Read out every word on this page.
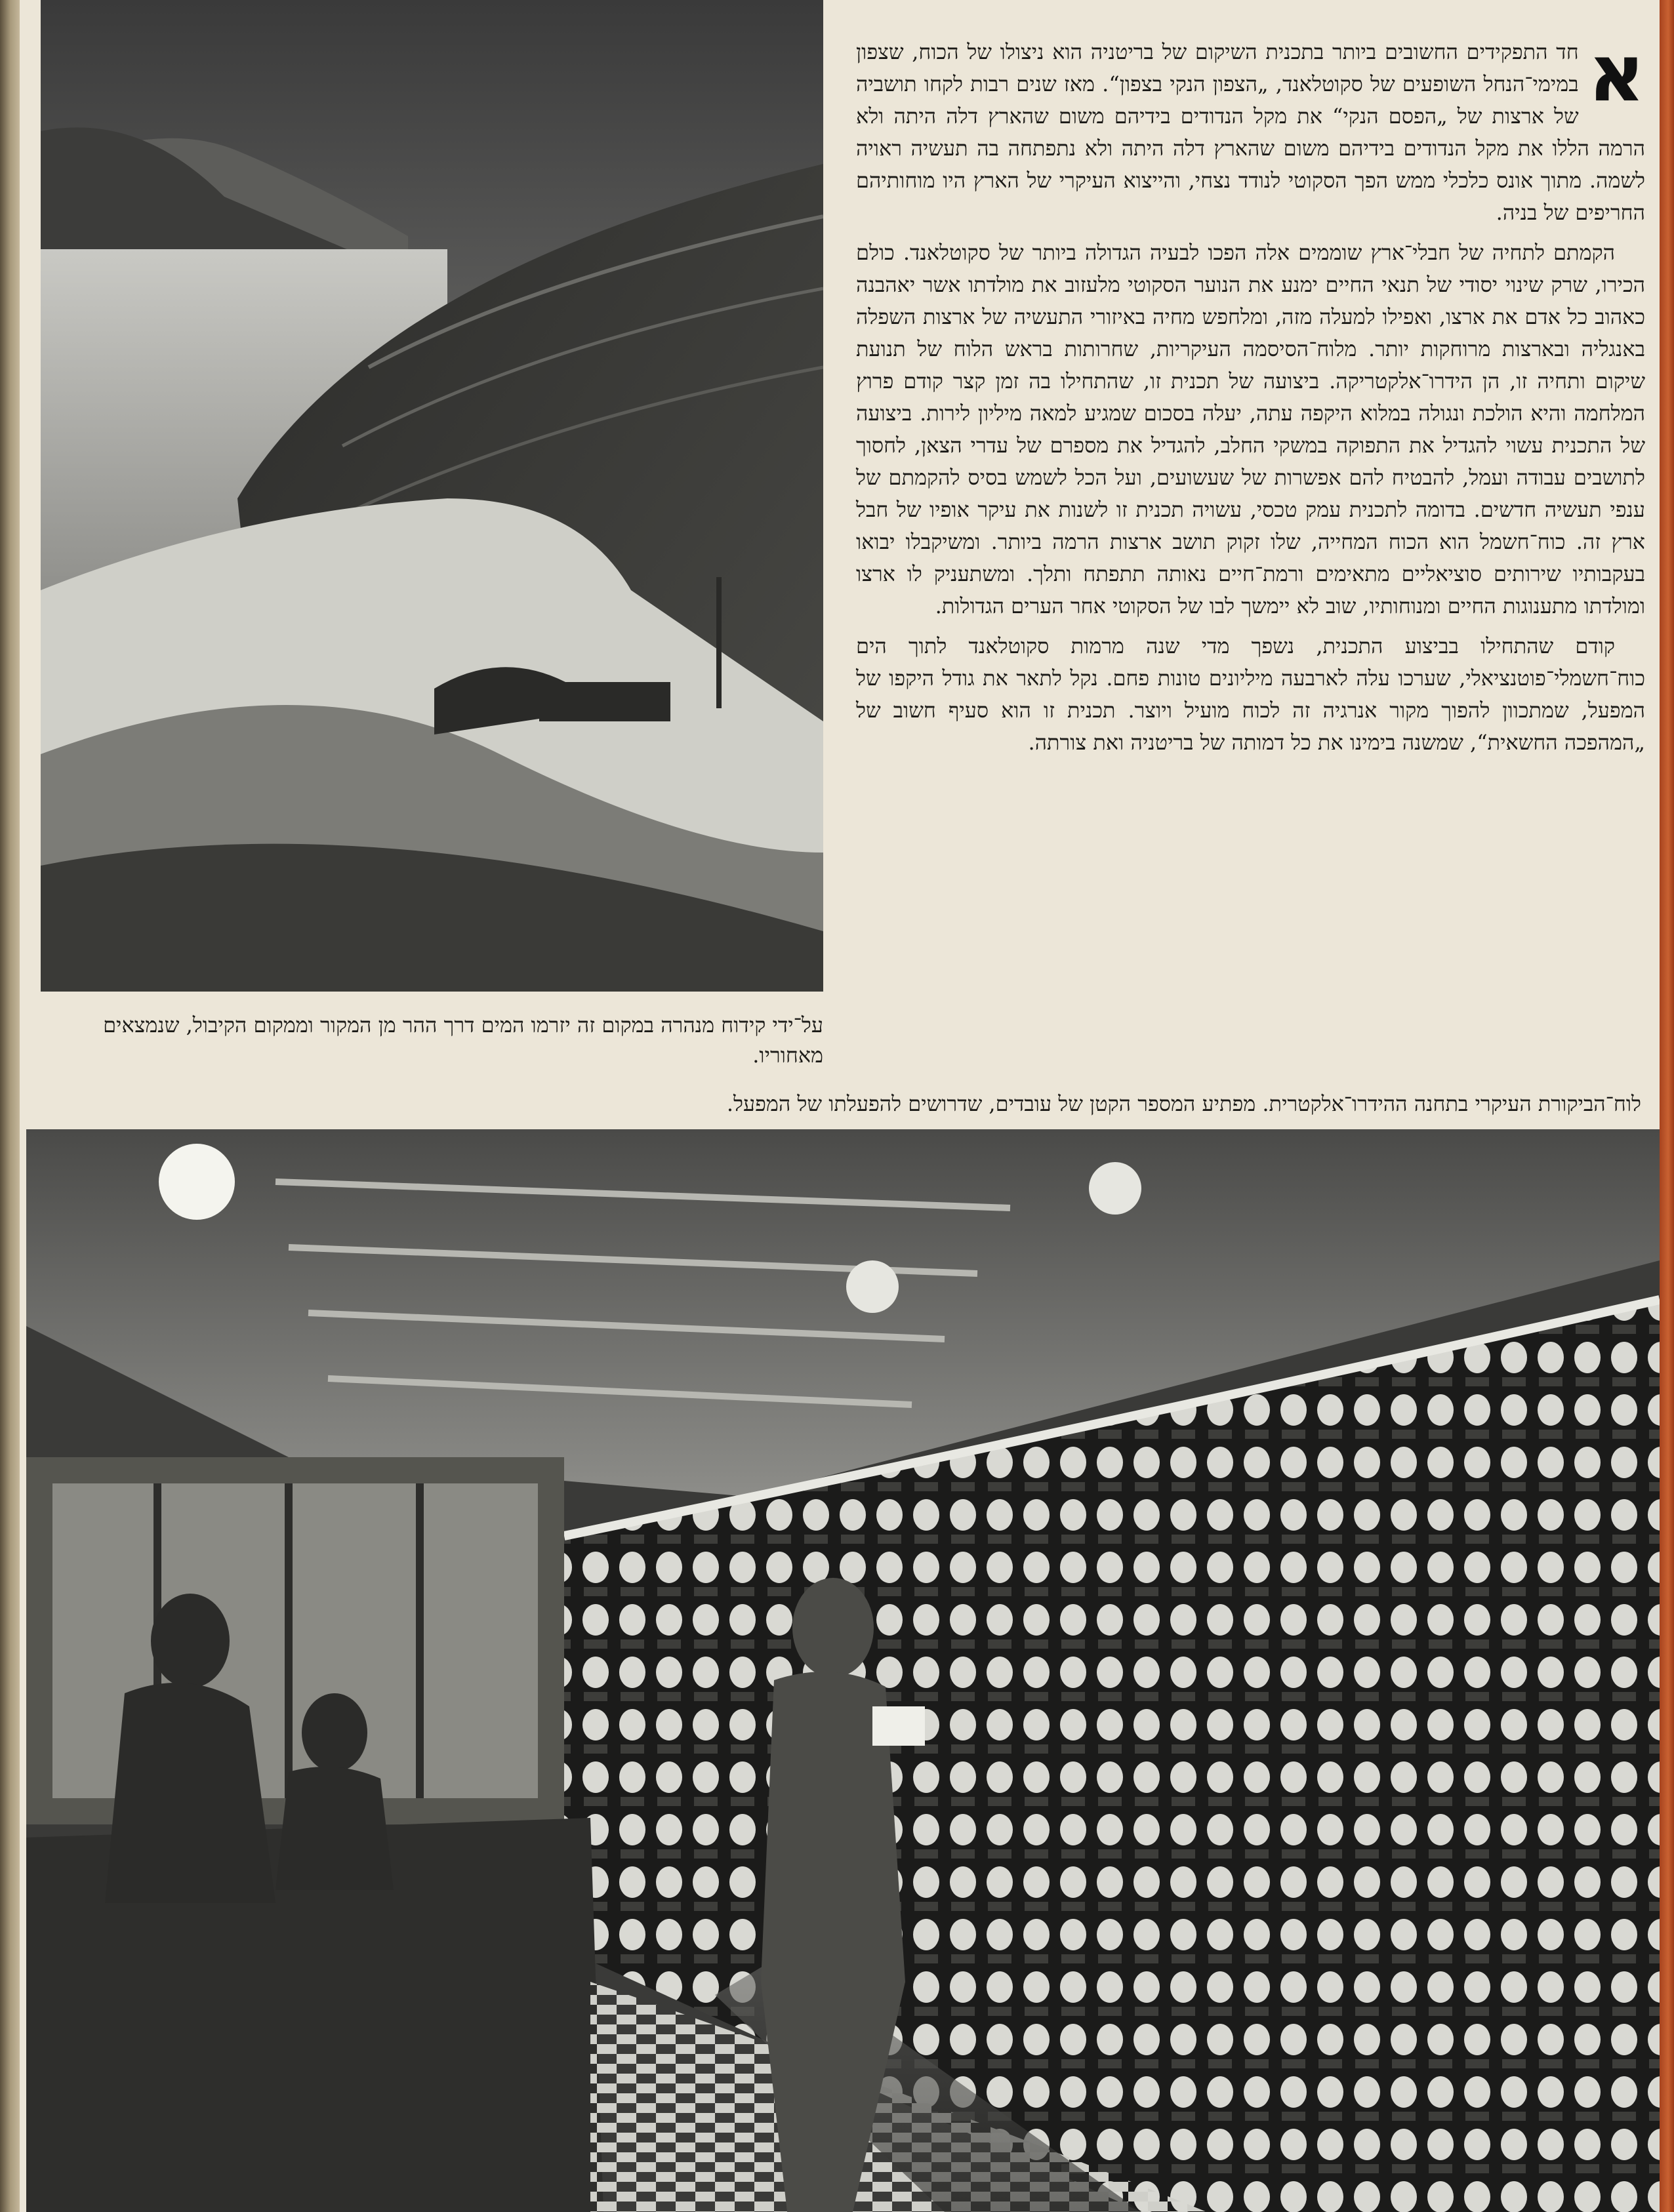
א
חד התפקידים החשובים ביותר בתכנית השיקום של בריטניה הוא ניצולו של הכוח, שצפון במימי־הנחל השופעים של סקוטלאנד, „הצפון הנקי בצפון“. מאז שנים רבות לקחו תושביה של ארצות של „הפסם הנקי“ את מקל הנדודים בידיהם משום שהארץ דלה היתה ולא הרמה הללו את מקל הנדודים בידיהם משום שהארץ דלה היתה ולא נתפתחה בה תעשיה ראויה לשמה. מתוך אונס כלכלי ממש הפך הסקוטי לנודד נצחי, והייצוא העיקרי של הארץ היו מוחותיהם החריפים של בניה.

הקמתם לתחיה של חבלי־ארץ שוממים אלה הפכו לבעיה הגדולה ביותר של סקוטלאנד. כולם הכירו, שרק שינוי יסודי של תנאי החיים ימנע את הנוער הסקוטי מלעזוב את מולדתו אשר יאהבנה כאהוב כל אדם את ארצו, ואפילו למעלה מזה, ומלחפש מחיה באיזורי התעשיה של ארצות השפלה באנגליה ובארצות מרוחקות יותר. מלוח־הסיסמה העיקריות, שחרותות בראש הלוח של תנועת שיקום ותחיה זו, הן הידרו־אלקטריקה. ביצועה של תכנית זו, שהתחילו בה זמן קצר קודם פרוץ המלחמה והיא הולכת ונגולה במלוא היקפה עתה, יעלה בסכום שמגיע למאה מיליון לירות. ביצועה של התכנית עשוי להגדיל את התפוקה במשקי החלב, להגדיל את מספרם של עדרי הצאן, לחסוך לתושבים עבודה ועמל, להבטיח להם אפשרות של שעשועים, ועל הכל לשמש בסיס להקמתם של ענפי תעשיה חדשים. בדומה לתכנית עמק טכסי, עשויה תכנית זו לשנות את עיקר אופיו של חבל ארץ זה. כוח־חשמל הוא הכוח המחייה, שלו זקוק תושב ארצות הרמה ביותר. ומשיקבלו יבואו בעקבותיו שירותים סוציאליים מתאימים ורמת־חיים נאותה תתפתח ותלך. ומשתעניק לו ארצו ומולדתו מתענוגות החיים ומנוחותיו, שוב לא יימשך לבו של הסקוטי אחר הערים הגדולות.

קודם שהתחילו בביצוע התכנית, נשפך מדי שנה מרמות סקוטלאנד לתוך הים כוח־חשמלי־פוטנציאלי, שערכו עלה לארבעה מיליונים טונות פחם. נקל לתאר את גודל היקפו של המפעל, שמתכוון להפוך מקור אנרגיה זה לכוח מועיל ויוצר. תכנית זו הוא סעיף חשוב של „המהפכה החשאית“, שמשנה בימינו את כל דמותה של בריטניה ואת צורתה.

על־ידי קידוח מנהרה במקום זה יזרמו המים דרך ההר מן המקור וממקום הקיבול, שנמצאים מאחוריו.
לוח־הביקורת העיקרי בתחנה ההידרו־אלקטרית. מפתיע המספר הקטן של עובדים, שדרושים להפעלתו של המפעל.
